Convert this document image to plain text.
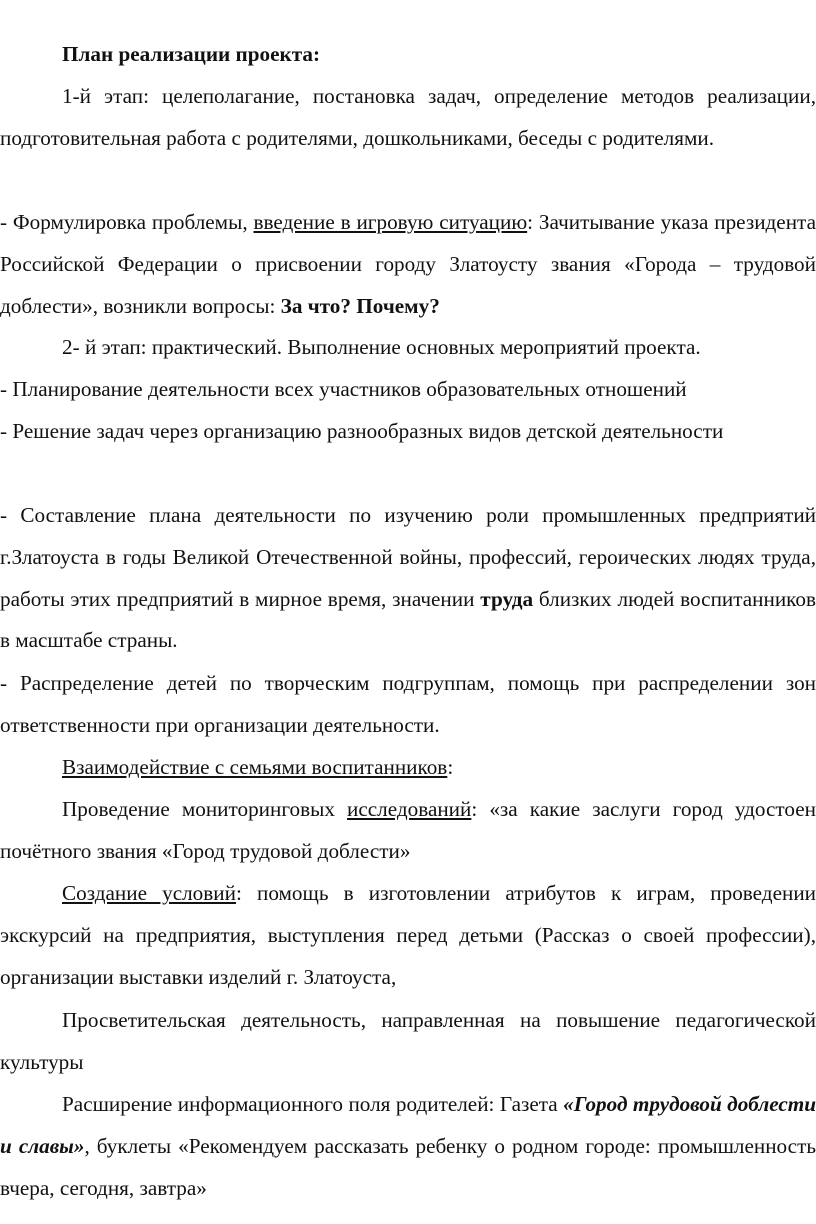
План реализации проекта:

1-й этап: целеполагание, постановка задач, определение методов реализации, подготовительная работа с родителями, дошкольниками, беседы с родителями.

- Формулировка проблемы, введение в игровую ситуацию: Зачитывание указа президента Российской Федерации о присвоении городу Златоусту звания «Города – трудовой доблести», возникли вопросы: За что? Почему?

2- й этап: практический. Выполнение основных мероприятий проекта.

- Планирование деятельности всех участников образовательных отношений

- Решение задач через организацию разнообразных видов детской деятельности

- Составление плана деятельности по изучению роли промышленных предприятий г.Златоуста в годы Великой Отечественной войны, профессий, героических людях труда, работы этих предприятий в мирное время, значении труда близких людей воспитанников в масштабе страны.

- Распределение детей по творческим подгруппам, помощь при распределении зон ответственности при организации деятельности.

Взаимодействие с семьями воспитанников:

Проведение мониторинговых исследований: «за какие заслуги город удостоен почётного звания «Город трудовой доблести»

Создание условий: помощь в изготовлении атрибутов к играм, проведении экскурсий на предприятия, выступления перед детьми (Рассказ о своей профессии), организации выставки изделий г. Златоуста,

Просветительская деятельность, направленная на повышение педагогической культуры

Расширение информационного поля родителей: Газета «Город трудовой доблести и славы», буклеты «Рекомендуем рассказать ребенку о родном городе: промышленность вчера, сегодня, завтра»
